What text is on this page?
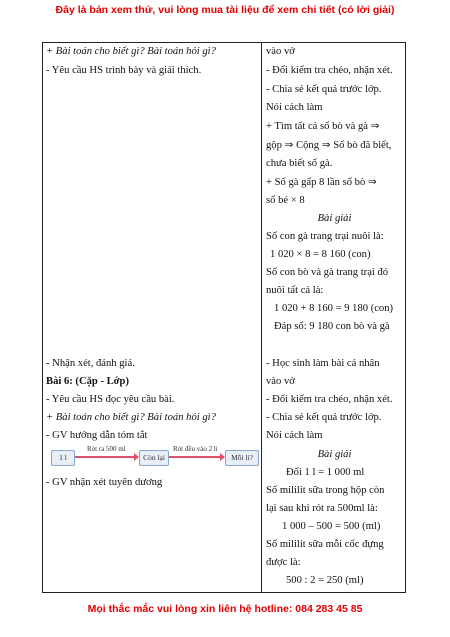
Đây là bản xem thử, vui lòng mua tài liệu để xem chi tiết (có lời giải)
+ Bài toán cho biết gì? Bài toán hỏi gì?
- Yêu cầu HS trình bày và giải thích.
- Nhận xét, đánh giá.
Bài 6: (Cặp - Lớp)
- Yêu cầu HS đọc yêu cầu bài.
+ Bài toán cho biết gì? Bài toán hỏi gì?
- GV hướng dẫn tóm tắt
- GV nhận xét tuyên dương
1 l
Rót ra 500 ml
Còn lại
Rót đều vào 2 li
Mỗi li?
vào vở
- Đổi kiểm tra chéo, nhận xét.
- Chia sẻ kết quả trước lớp.
Nói cách làm
+ Tìm tất cả số bò và gà ⇒
gộp ⇒ Cộng ⇒ Số bò đã biết,
chưa biết số gà.
+ Số gà gấp 8 lần số bò ⇒
số bé × 8
Bài giải
Số con gà trang trại nuôi là:
1 020 × 8 = 8 160 (con)
Số con bò và gà trang trại đó
nuôi tất cả là:
1 020 + 8 160 = 9 180 (con)
Đáp số: 9 180 con bò và gà
- Học sinh làm bài cá nhân
vào vở
- Đổi kiểm tra chéo, nhận xét.
- Chia sẻ kết quả trước lớp.
Nói cách làm
Bài giải
Đổi 1 l = 1 000 ml
Số mililit sữa trong hộp còn
lại sau khi rót ra 500ml là:
1 000 – 500 = 500 (ml)
Số mililit sữa mỗi cốc đựng
được là:
500 : 2 = 250 (ml)
Mọi thắc mắc vui lòng xin liên hệ hotline: 084 283 45 85
